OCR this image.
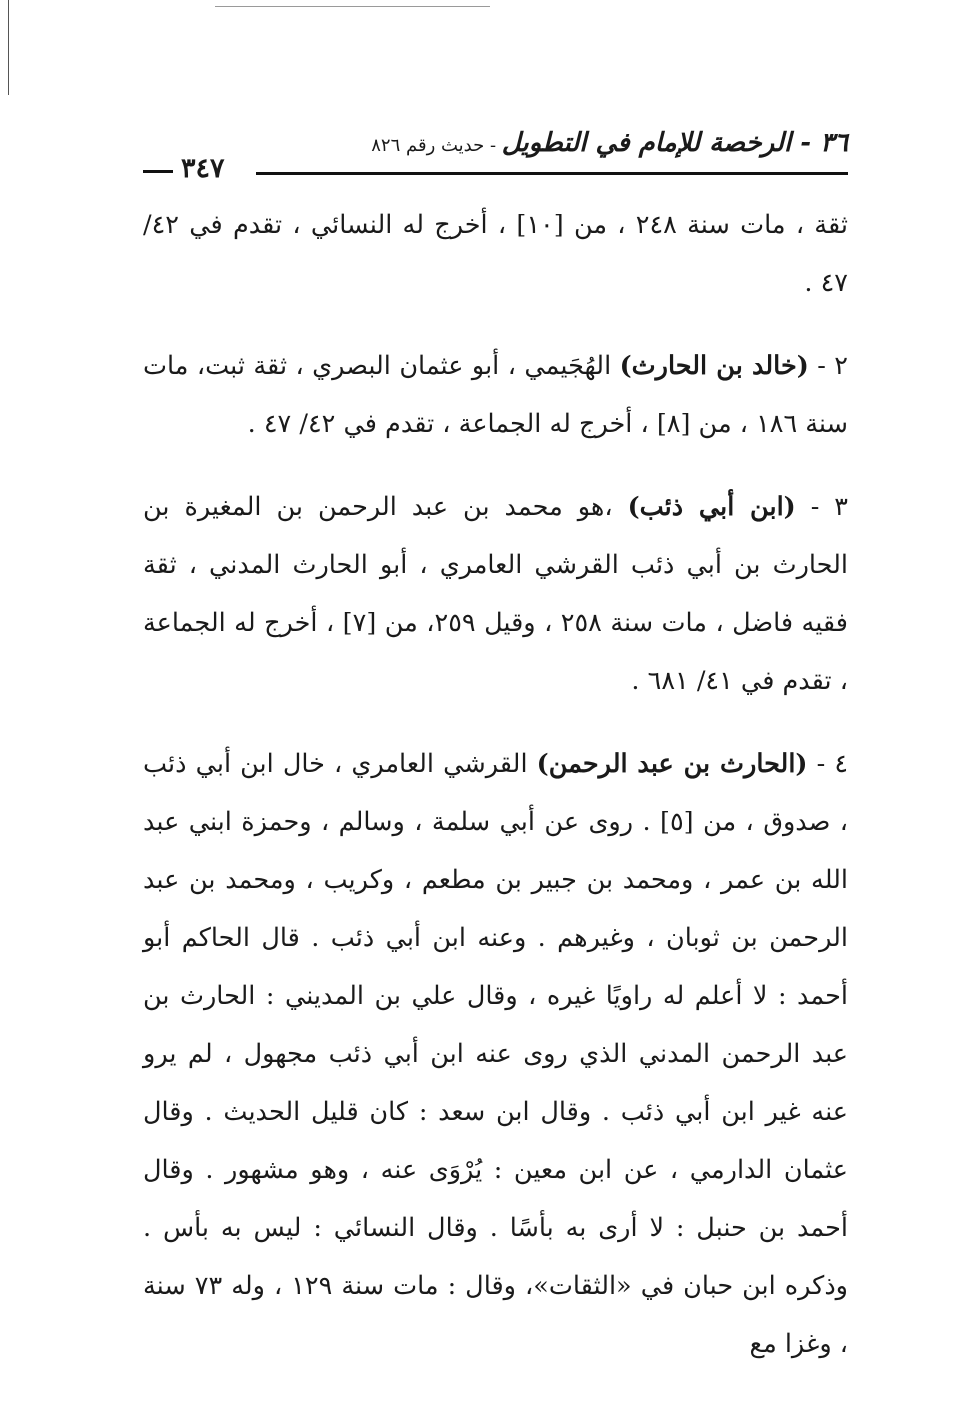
٣٦ - الرخصة للإمام في التطويل - حديث رقم ٨٢٦
٣٤٧

ثقة ، مات سنة ٢٤٨ ، من [١٠] ، أخرج له النسائي ، تقدم في ٤٢/ ٤٧ .

٢ - (خالد بن الحارث) الهُجَيمي ، أبو عثمان البصري ، ثقة ثبت، مات سنة ١٨٦ ، من [٨] ، أخرج له الجماعة ، تقدم في ٤٢/ ٤٧ .

٣ - (ابن أبي ذئب) ،هو محمد بن عبد الرحمن بن المغيرة بن الحارث بن أبي ذئب القرشي العامري ، أبو الحارث المدني ، ثقة فقيه فاضل ، مات سنة ٢٥٨ ، وقيل ٢٥٩، من [٧] ، أخرج له الجماعة ، تقدم في ٤١/ ٦٨١ .

٤ - (الحارث بن عبد الرحمن) القرشي العامري ، خال ابن أبي ذئب ، صدوق ، من [٥] . روى عن أبي سلمة ، وسالم ، وحمزة ابني عبد الله بن عمر ، ومحمد بن جبير بن مطعم ، وكريب ، ومحمد بن عبد الرحمن بن ثوبان ، وغيرهم . وعنه ابن أبي ذئب . قال الحاكم أبو أحمد : لا أعلم له راويًا غيره ، وقال علي بن المديني : الحارث بن عبد الرحمن المدني الذي روى عنه ابن أبي ذئب مجهول ، لم يرو عنه غير ابن أبي ذئب . وقال ابن سعد : كان قليل الحديث . وقال عثمان الدارمي ، عن ابن معين : يُرْوَى عنه ، وهو مشهور . وقال أحمد بن حنبل : لا أرى به بأسًا . وقال النسائي : ليس به بأس . وذكره ابن حبان في «الثقات»، وقال : مات سنة ١٢٩ ، وله ٧٣ سنة ، وغزا مع
